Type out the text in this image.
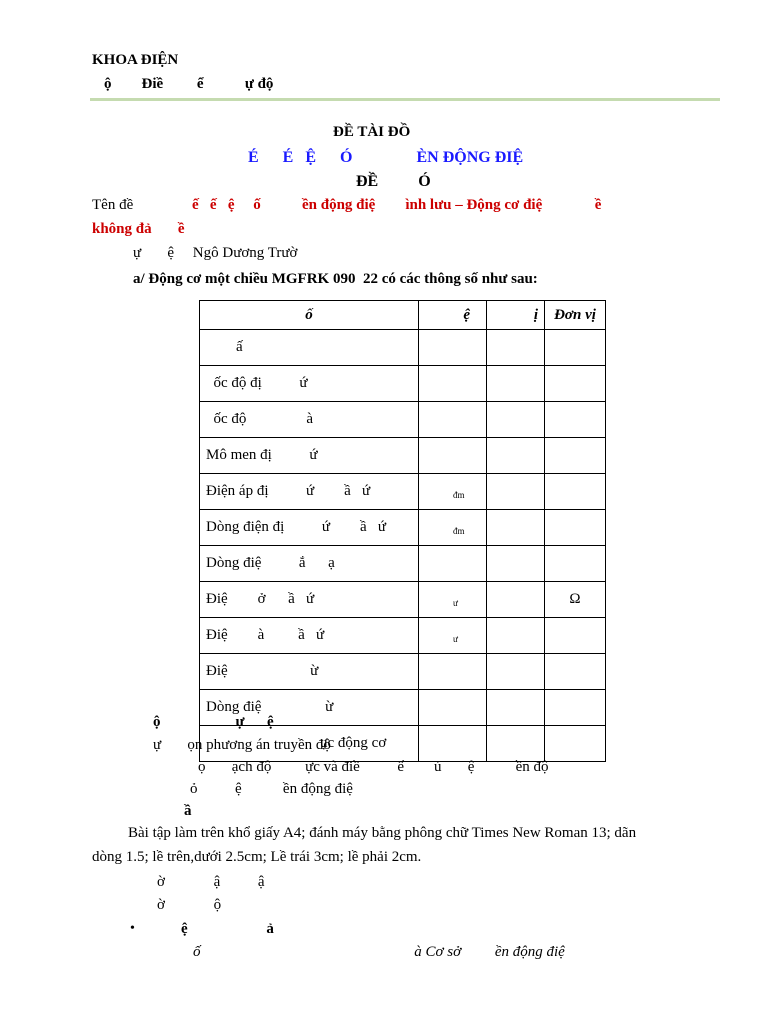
KHOA ĐIỆN
ộ        Điề         ể           ự độ
ĐỀ TÀI ĐỒ
É      É   Ệ      Ó                ÈN ĐỘNG ĐIỆ
ĐỀ          Ó
Tên đề	ế   ế   ệ     ố           ền động điệ        ình lưu – Động cơ điệ              ề
không đả       ề
ự       ệ     Ngô Dương Trườ
a/ Động cơ một chiều MGFRK 090  22 có các thông số như sau:
ố	ệ	ị	Đơn vị
ấ			
ốc độ đị          ứ			
ốc độ                à			
Mô men đị          ứ			
Điện áp đị          ứ        ầ   ứ	đm		
Dòng điện đị          ứ        ầ   ứ	đm		
Dòng điệ          ắ      ạ			
Điệ        ở      ầ   ứ	ư		Ω
Điệ        à         ầ   ứ	ư		
Điệ                      ừ			
Dòng điệ                 ừ			
ục động cơ			
ộ                    ự      ệ
ự       ọn phương án truyền độ
ọ       ạch độ         ực và điề          ể        ủ       ệ           ền độ
ỏ          ệ           ền động điệ
ầ
Bài tập làm trên khổ giấy A4; đánh máy bằng phông chữ Times New Roman 13; dãn
dòng 1.5; lề trên,dưới 2.5cm; Lề trái 3cm; lề phải 2cm.
ờ             ậ          ậ
ờ             ộ
•	ệ                     ả
ố                                                         à Cơ sở         ền động điệ
